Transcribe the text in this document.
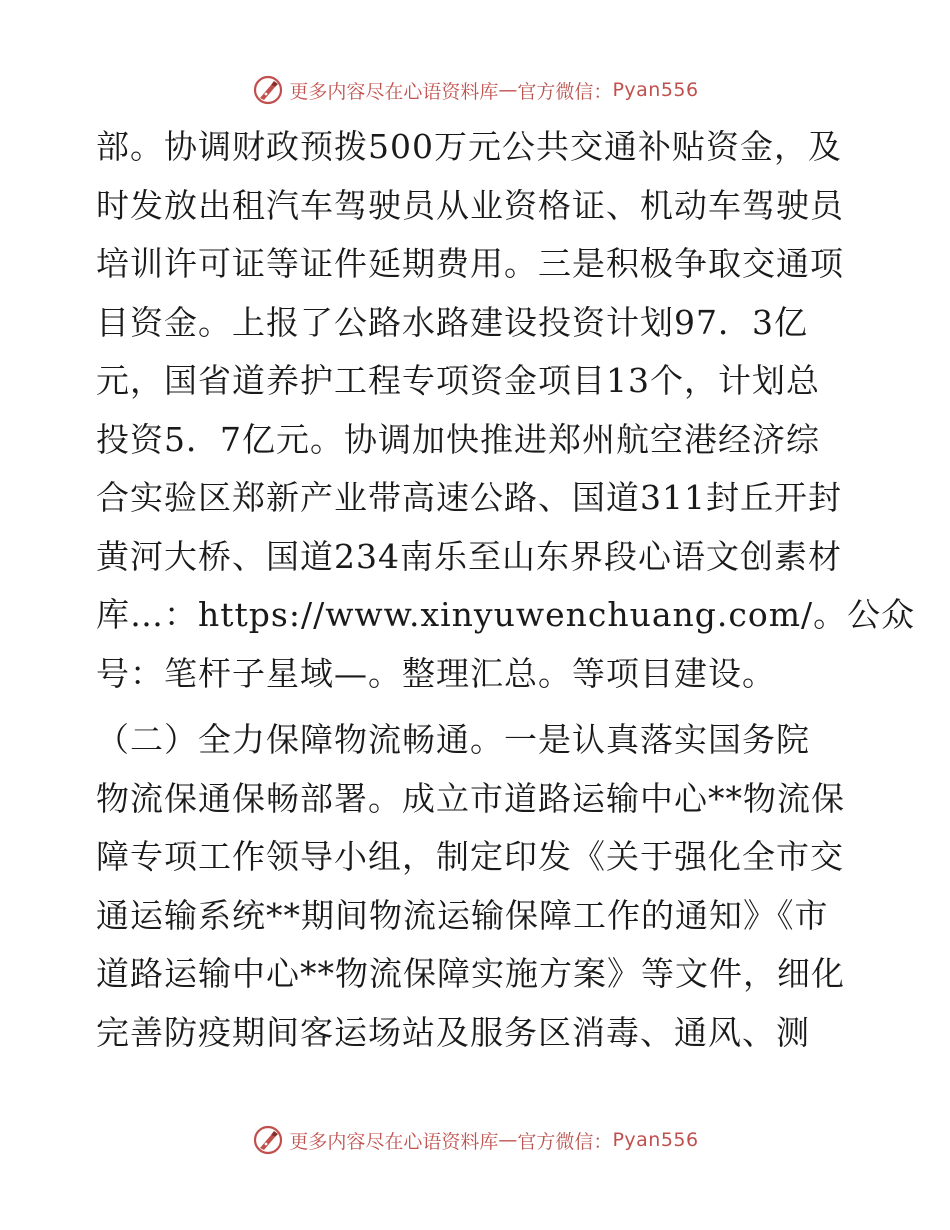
更多内容尽在心语资料库 — 官方微信： Pyan556
部。协调财政预拨500万元公共交通补贴资金，及
时发放出租汽车驾驶员从业资格证、机动车驾驶员
培训许可证等证件延期费用。三是积极争取交通项
目资金。上报了公路水路建设投资计划97．3亿
元，国省道养护工程专项资金项目13个，计划总
投资5．7亿元。协调加快推进郑州航空港经济综
合实验区郑新产业带高速公路、国道311封丘开封
黄河大桥、国道234南乐至山东界段心语文创素材
库…：https://www.xinyuwenchuang.com/。公众
号：笔杆子星域—。整理汇总。等项目建设。
（二）全力保障物流畅通。一是认真落实国务院
物流保通保畅部署。成立市道路运输中心**物流保
障专项工作领导小组，制定印发《关于强化全市交
通运输系统**期间物流运输保障工作的通知》《市
道路运输中心**物流保障实施方案》等文件，细化
完善防疫期间客运场站及服务区消毒、通风、测
更多内容尽在心语资料库 — 官方微信： Pyan556
